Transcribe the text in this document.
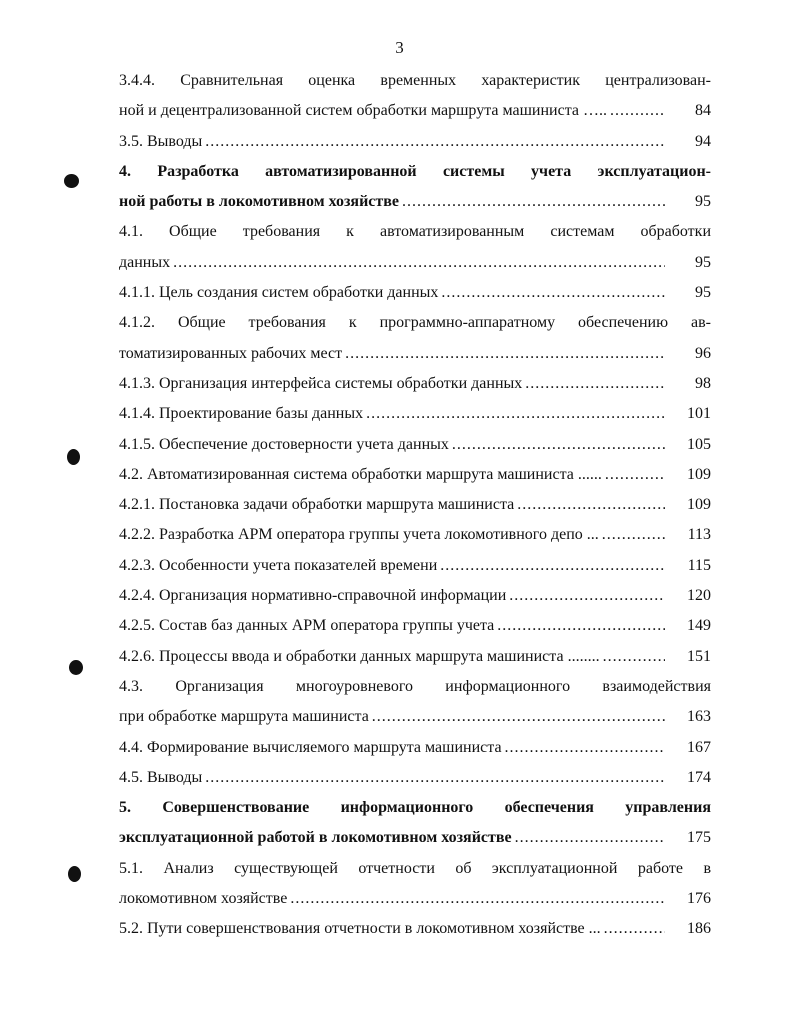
3
3.4.4. Сравнительная оценка временных характеристик централизован-
ной и децентрализованной систем обработки маршрута машиниста ….. .....	84
3.5. Выводы .....	94
4. Разработка автоматизированной системы учета эксплуатацион-
ной работы в локомотивном хозяйстве .....	95
4.1. Общие требования к автоматизированным системам обработки
данных .....	95
4.1.1. Цель создания систем обработки данных .....	95
4.1.2. Общие требования к программно-аппаратному обеспечению ав-
томатизированных рабочих мест .....	96
4.1.3. Организация интерфейса системы обработки данных .....	98
4.1.4. Проектирование базы данных .....	101
4.1.5. Обеспечение достоверности учета данных .....	105
4.2. Автоматизированная система обработки маршрута машиниста ...... .....	109
4.2.1. Постановка задачи обработки маршрута машиниста .....	109
4.2.2. Разработка АРМ оператора группы учета локомотивного депо ... .....	113
4.2.3. Особенности учета показателей времени .....	115
4.2.4. Организация нормативно-справочной информации .....	120
4.2.5. Состав баз данных АРМ оператора группы учета .....	149
4.2.6. Процессы ввода и обработки данных маршрута машиниста ........ .....	151
4.3. Организация многоуровневого информационного взаимодействия
при обработке маршрута машиниста .....	163
4.4. Формирование вычисляемого маршрута машиниста .....	167
4.5. Выводы .....	174
5. Совершенствование информационного обеспечения управления
эксплуатационной работой в локомотивном хозяйстве .....	175
5.1. Анализ существующей отчетности об эксплуатационной работе в
локомотивном хозяйстве .....	176
5.2. Пути совершенствования отчетности в локомотивном хозяйстве ... .....	186
